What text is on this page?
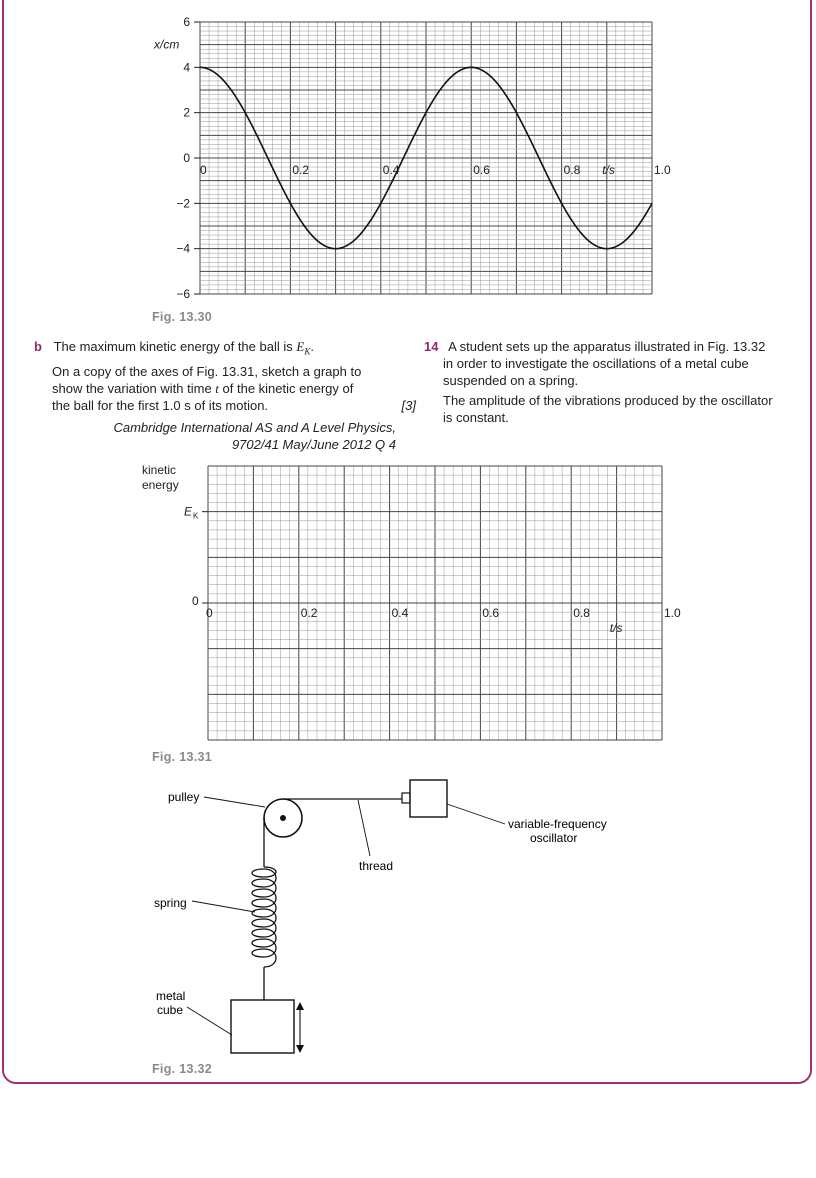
6
4
2
0
−2
−4
−6
0	0.2	0.4	0.6	0.8	1.0
x/cm
t/s
Fig. 13.30
b The maximum kinetic energy of the ball is $E_K$.
On a copy of the axes of Fig. 13.31, sketch a graph to
show the variation with time t of the kinetic energy of
the ball for the first 1.0 s of its motion.	[3]
Cambridge International AS and A Level Physics,
9702/41 May/June 2012 Q 4
14 A student sets up the apparatus illustrated in Fig. 13.32
in order to investigate the oscillations of a metal cube
suspended on a spring.
The amplitude of the vibrations produced by the oscillator
is constant.
E K
0
kinetic
energy
0	0.2	0.4	0.6	0.8	1.0
t/s
Fig. 13.31
pulley
thread
spring
metal
cube
variable-frequency
oscillator
Fig. 13.32
